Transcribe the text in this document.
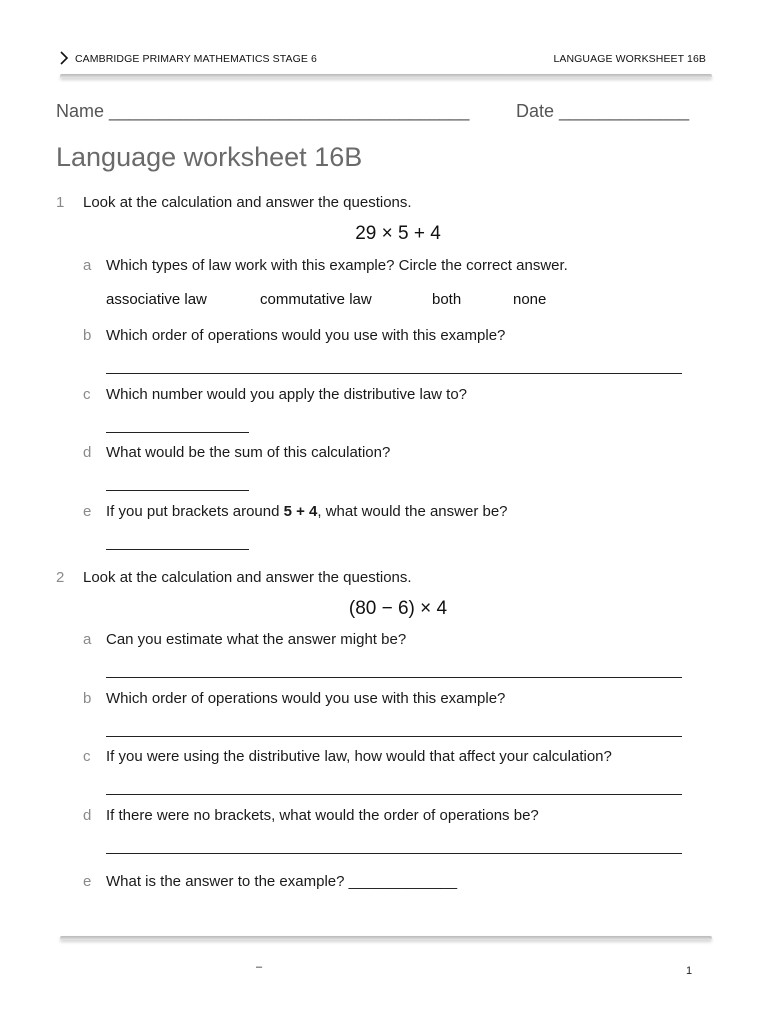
CAMBRIDGE PRIMARY MATHEMATICS STAGE 6	LANGUAGE WORKSHEET 16B
Name ____________________________________	Date _____________
Language worksheet 16B
1 Look at the calculation and answer the questions.
29 × 5 + 4
a Which types of law work with this example? Circle the correct answer.
associative law	commutative law	both	none
b Which order of operations would you use with this example?
c Which number would you apply the distributive law to?
d What would be the sum of this calculation?
e If you put brackets around 5 + 4, what would the answer be?
2 Look at the calculation and answer the questions.
(80 − 6) × 4
a Can you estimate what the answer might be?
b Which order of operations would you use with this example?
c If you were using the distributive law, how would that affect your calculation?
d If there were no brackets, what would the order of operations be?
e What is the answer to the example? _____________
–	1
